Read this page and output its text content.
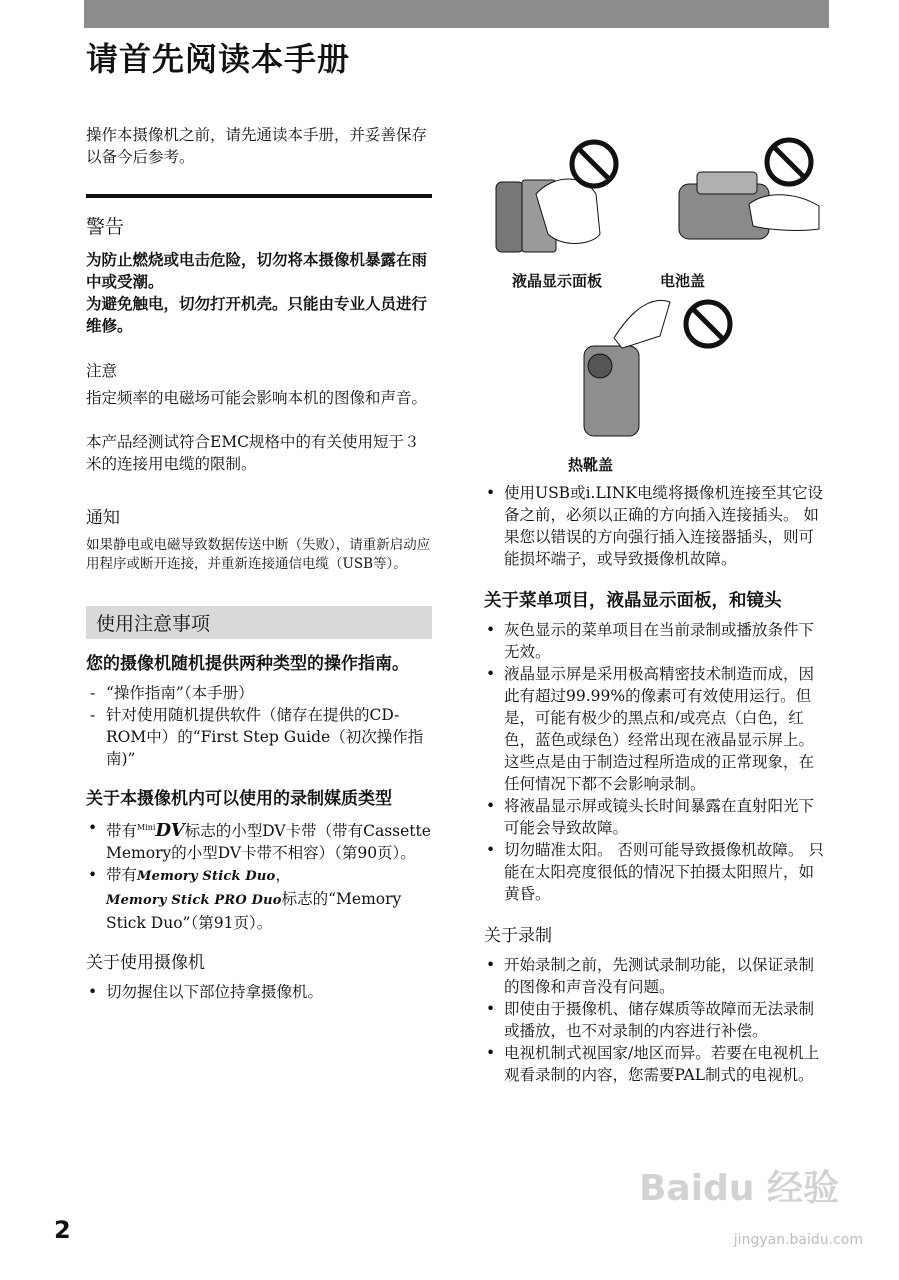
请首先阅读本手册

操作本摄像机之前，请先通读本手册，并妥善保存以备今后参考。

警告

为防止燃烧或电击危险，切勿将本摄像机暴露在雨中或受潮。

为避免触电，切勿打开机壳。只能由专业人员进行维修。

注意

指定频率的电磁场可能会影响本机的图像和声音。

本产品经测试符合EMC规格中的有关使用短于３米的连接用电缆的限制。

通知

如果静电或电磁导致数据传送中断（失败），请重新启动应用程序或断开连接，并重新连接通信电缆（USB等）。

使用注意事项
您的摄像机随机提供两种类型的操作指南。
- “操作指南”（本手册）
- 针对使用随机提供软件（储存在提供的CD-ROM中）的“First Step Guide（初次操作指南)”
关于本摄像机内可以使用的录制媒质类型
• 带有$^{Mini}$DV标志的小型DV卡带（带有Cassette Memory的小型DV卡带不相容）（第90页）。
• 带有Memory Stick Duo，
Memory Stick PRO Duo标志的“Memory Stick Duo”（第91页）。
关于使用摄像机
• 切勿握住以下部位持拿摄像机。
液晶显示面板	电池盖
热靴盖
• 使用USB或i.LINK电缆将摄像机连接至其它设备之前，必须以正确的方向插入连接插头。 如果您以错误的方向强行插入连接器插头，则可能损坏端子，或导致摄像机故障。
关于菜单项目，液晶显示面板，和镜头
• 灰色显示的菜单项目在当前录制或播放条件下无效。
• 液晶显示屏是采用极高精密技术制造而成，因此有超过99.99%的像素可有效使用运行。但是，可能有极少的黑点和/或亮点（白色，红色，蓝色或绿色）经常出现在液晶显示屏上。这些点是由于制造过程所造成的正常现象，在任何情况下都不会影响录制。
• 将液晶显示屏或镜头长时间暴露在直射阳光下可能会导致故障。
• 切勿瞄准太阳。 否则可能导致摄像机故障。 只能在太阳亮度很低的情况下拍摄太阳照片，如黄昏。
关于录制
• 开始录制之前，先测试录制功能，以保证录制的图像和声音没有问题。
• 即使由于摄像机、储存媒质等故障而无法录制或播放，也不对录制的内容进行补偿。
• 电视机制式视国家/地区而异。若要在电视机上观看录制的内容，您需要PAL制式的电视机。
2
Baidu 经验
jingyan.baidu.com
